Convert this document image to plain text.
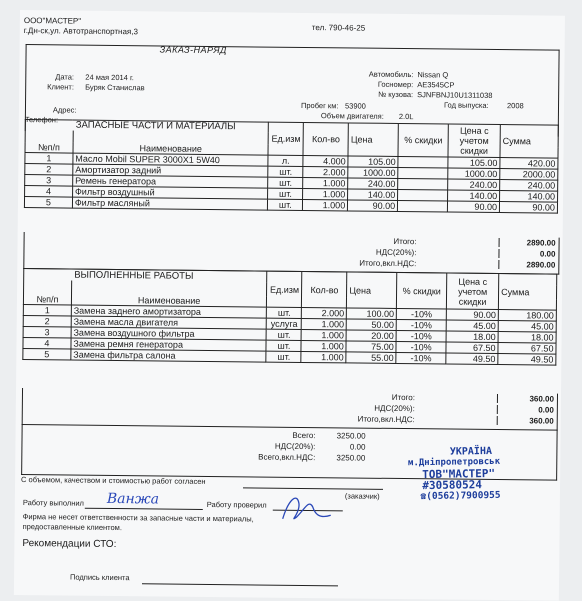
ООО"МАСТЕР"
г.Дн-ск,ул. Автотранспортная,3	тел. 790-46-25
ЗАКАЗ-НАРЯД
Дата: 24 мая 2014 г.
Клиент: Буряк Станислав
Адрес:
Телефон:
Автомобиль: Nissan Q
Госномер: АЕ3545СР
№ кузова: SJNFBNJ10U1311038
Год выпуска: 2008
Пробег км: 53900
Объем двигателя: 2.0L
ЗАПАСНЫЕ ЧАСТИ И МАТЕРИАЛЫ		Ед.изм	Кол-во	Цена	% скидки	Цена с учетом скидки	Сумма

№п/п	Наименование						
1	Масло Mobil SUPER 3000X1 5W40	л.	4.000	105.00		105.00	420.00
2	Амортизатор задний	шт.	2.000	1000.00		1000.00	2000.00
3	Ремень генератора	шт.	1.000	240.00		240.00	240.00
4	Фильтр воздушный	шт.	1.000	140.00		140.00	140.00
5	Фильтр масляный	шт.	1.000	90.00		90.00	90.00
Итого:	2890.00
НДС(20%):	0.00
Итого,вкл.НДС:	2890.00
ВЫПОЛНЕННЫЕ РАБОТЫ		Ед.изм	Кол-во	Цена	% скидки	Цена с учетом скидки	Сумма

№п/п	Наименование						
1	Замена заднего амортизатора	шт.	2.000	100.00	-10%	90.00	180.00
2	Замена масла двигателя	услуга	1.000	50.00	-10%	45.00	45.00
3	Замена воздушного фильтра	шт.	1.000	20.00	-10%	18.00	18.00
4	Замена ремня генератора	шт.	1.000	75.00	-10%	67.50	67.50
5	Замена фильтра салона	шт.	1.000	55.00	-10%	49.50	49.50
Итого:	360.00
НДС(20%):	0.00
Итого,вкл.НДС:	360.00
Всего:	3250.00
НДС(20%):	0.00
Всего,вкл.НДС:	3250.00
С объемом, качеством и стоимостью работ согласен
(заказчик)
Работу выполнил Ванжа	Работу проверил
Фирма не несет ответственности за запасные части и материалы,
предоставленные клиентом.
Рекомендации СТО:
Подпись клиента
УКРАЇНА
м.Дніпропетровськ
ТОВ"МАСТЕР"
#30580524
☎(0562)7900955
